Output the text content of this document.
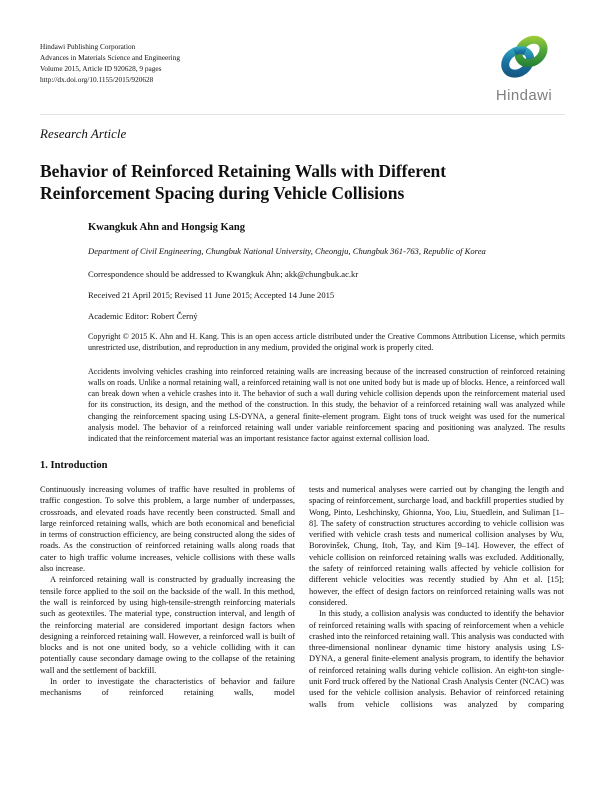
Hindawi Publishing Corporation
Advances in Materials Science and Engineering
Volume 2015, Article ID 920628, 9 pages
http://dx.doi.org/10.1155/2015/920628
Hindawi
Research Article
Behavior of Reinforced Retaining Walls with Different Reinforcement Spacing during Vehicle Collisions

Kwangkuk Ahn and Hongsig Kang

Department of Civil Engineering, Chungbuk National University, Cheongju, Chungbuk 361-763, Republic of Korea

Correspondence should be addressed to Kwangkuk Ahn; akk@chungbuk.ac.kr

Received 21 April 2015; Revised 11 June 2015; Accepted 14 June 2015

Academic Editor: Robert Černý

Copyright © 2015 K. Ahn and H. Kang. This is an open access article distributed under the Creative Commons Attribution License, which permits unrestricted use, distribution, and reproduction in any medium, provided the original work is properly cited.

Accidents involving vehicles crashing into reinforced retaining walls are increasing because of the increased construction of reinforced retaining walls on roads. Unlike a normal retaining wall, a reinforced retaining wall is not one united body but is made up of blocks. Hence, a reinforced wall can break down when a vehicle crashes into it. The behavior of such a wall during vehicle collision depends upon the reinforcement material used for its construction, its design, and the method of the construction. In this study, the behavior of a reinforced retaining wall was analyzed while changing the reinforcement spacing using LS-DYNA, a general finite-element program. Eight tons of truck weight was used for the numerical analysis model. The behavior of a reinforced retaining wall under variable reinforcement spacing and positioning was analyzed. The results indicated that the reinforcement material was an important resistance factor against external collision load.

1. Introduction

Continuously increasing volumes of traffic have resulted in problems of traffic congestion. To solve this problem, a large number of underpasses, crossroads, and elevated roads have recently been constructed. Small and large reinforced retaining walls, which are both economical and beneficial in terms of construction efficiency, are being constructed along the sides of roads. As the construction of reinforced retaining walls along roads that cater to high traffic volume increases, vehicle collisions with these walls also increase.

A reinforced retaining wall is constructed by gradually increasing the tensile force applied to the soil on the backside of the wall. In this method, the wall is reinforced by using high-tensile-strength reinforcing materials such as geotextiles. The material type, construction interval, and length of the reinforcing material are considered important design factors when designing a reinforced retaining wall. However, a reinforced wall is built of blocks and is not one united body, so a vehicle colliding with it can potentially cause secondary damage owing to the collapse of the retaining wall and the settlement of backfill.

In order to investigate the characteristics of behavior and failure mechanisms of reinforced retaining walls, model

tests and numerical analyses were carried out by changing the length and spacing of reinforcement, surcharge load, and backfill properties studied by Wong, Pinto, Leshchinsky, Ghionna, Yoo, Liu, Stuedlein, and Suliman [1–8]. The safety of construction structures according to vehicle collision was verified with vehicle crash tests and numerical collision analyses by Wu, Borovinšek, Chung, Itoh, Tay, and Kim [9–14]. However, the effect of vehicle collision on reinforced retaining walls was excluded. Additionally, the safety of reinforced retaining walls affected by vehicle collision for different vehicle velocities was recently studied by Ahn et al. [15]; however, the effect of design factors on reinforced retaining walls was not considered.

In this study, a collision analysis was conducted to identify the behavior of reinforced retaining walls with spacing of reinforcement when a vehicle crashed into the reinforced retaining wall. This analysis was conducted with three-dimensional nonlinear dynamic time history analysis using LS-DYNA, a general finite-element analysis program, to identify the behavior of reinforced retaining walls during vehicle collision. An eight-ton single-unit Ford truck offered by the National Crash Analysis Center (NCAC) was used for the vehicle collision analysis. Behavior of reinforced retaining walls from vehicle collisions was analyzed by comparing
